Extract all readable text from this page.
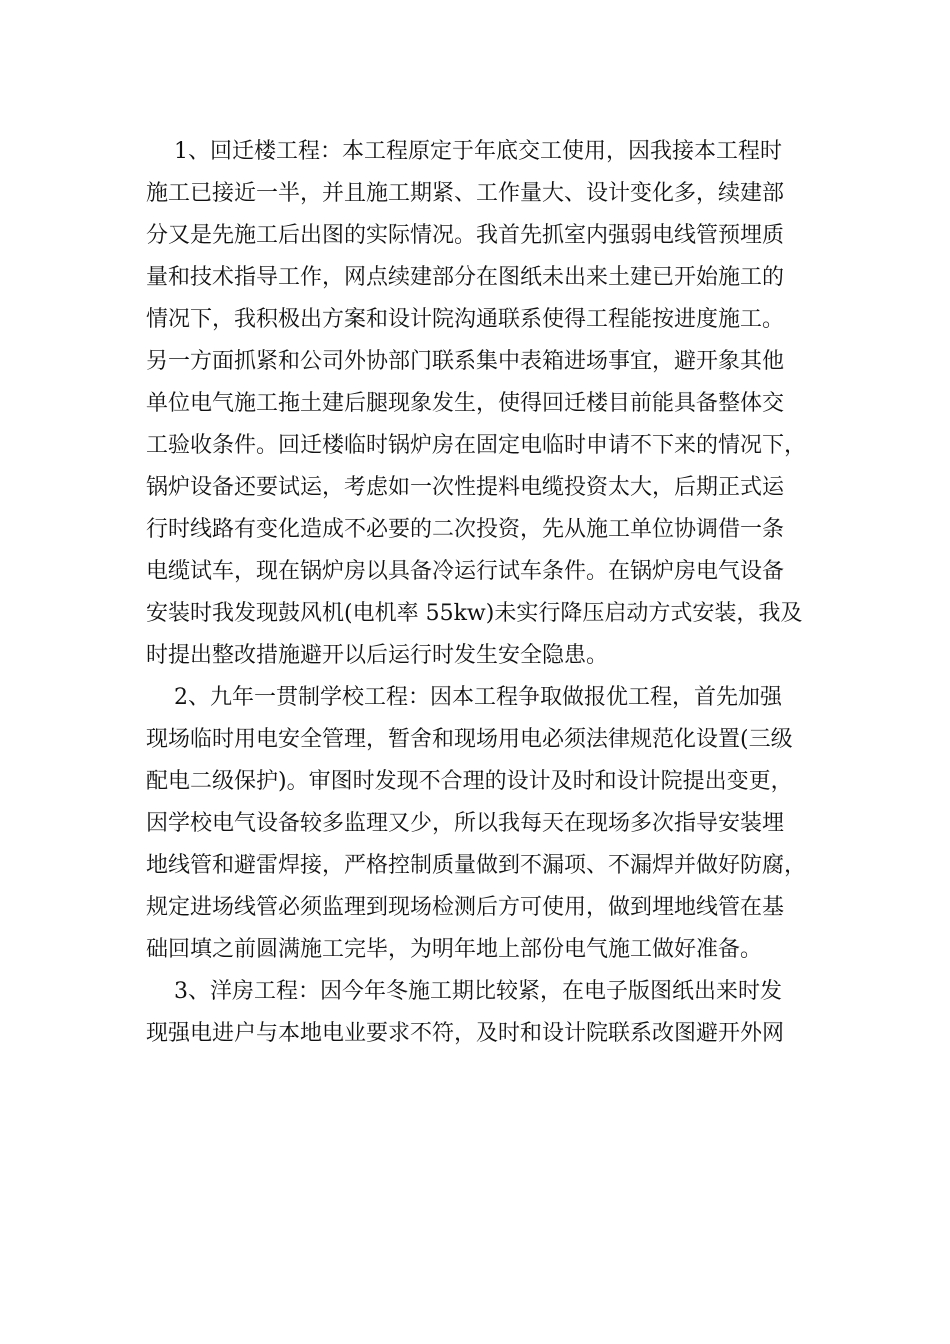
1、回迁楼工程：本工程原定于年底交工使用，因我接本工程时
施工已接近一半，并且施工期紧、工作量大、设计变化多，续建部
分又是先施工后出图的实际情况。我首先抓室内强弱电线管预埋质
量和技术指导工作，网点续建部分在图纸未出来土建已开始施工的
情况下，我积极出方案和设计院沟通联系使得工程能按进度施工。
另一方面抓紧和公司外协部门联系集中表箱进场事宜，避开象其他
单位电气施工拖土建后腿现象发生，使得回迁楼目前能具备整体交
工验收条件。回迁楼临时锅炉房在固定电临时申请不下来的情况下，
锅炉设备还要试运，考虑如一次性提料电缆投资太大，后期正式运
行时线路有变化造成不必要的二次投资，先从施工单位协调借一条
电缆试车，现在锅炉房以具备冷运行试车条件。在锅炉房电气设备
安装时我发现鼓风机(电机率 55kw)未实行降压启动方式安装，我及
时提出整改措施避开以后运行时发生安全隐患。
2、九年一贯制学校工程：因本工程争取做报优工程，首先加强
现场临时用电安全管理，暂舍和现场用电必须法律规范化设置(三级
配电二级保护)。审图时发现不合理的设计及时和设计院提出变更，
因学校电气设备较多监理又少，所以我每天在现场多次指导安装埋
地线管和避雷焊接，严格控制质量做到不漏项、不漏焊并做好防腐，
规定进场线管必须监理到现场检测后方可使用，做到埋地线管在基
础回填之前圆满施工完毕，为明年地上部份电气施工做好准备。
3、洋房工程：因今年冬施工期比较紧，在电子版图纸出来时发
现强电进户与本地电业要求不符，及时和设计院联系改图避开外网
